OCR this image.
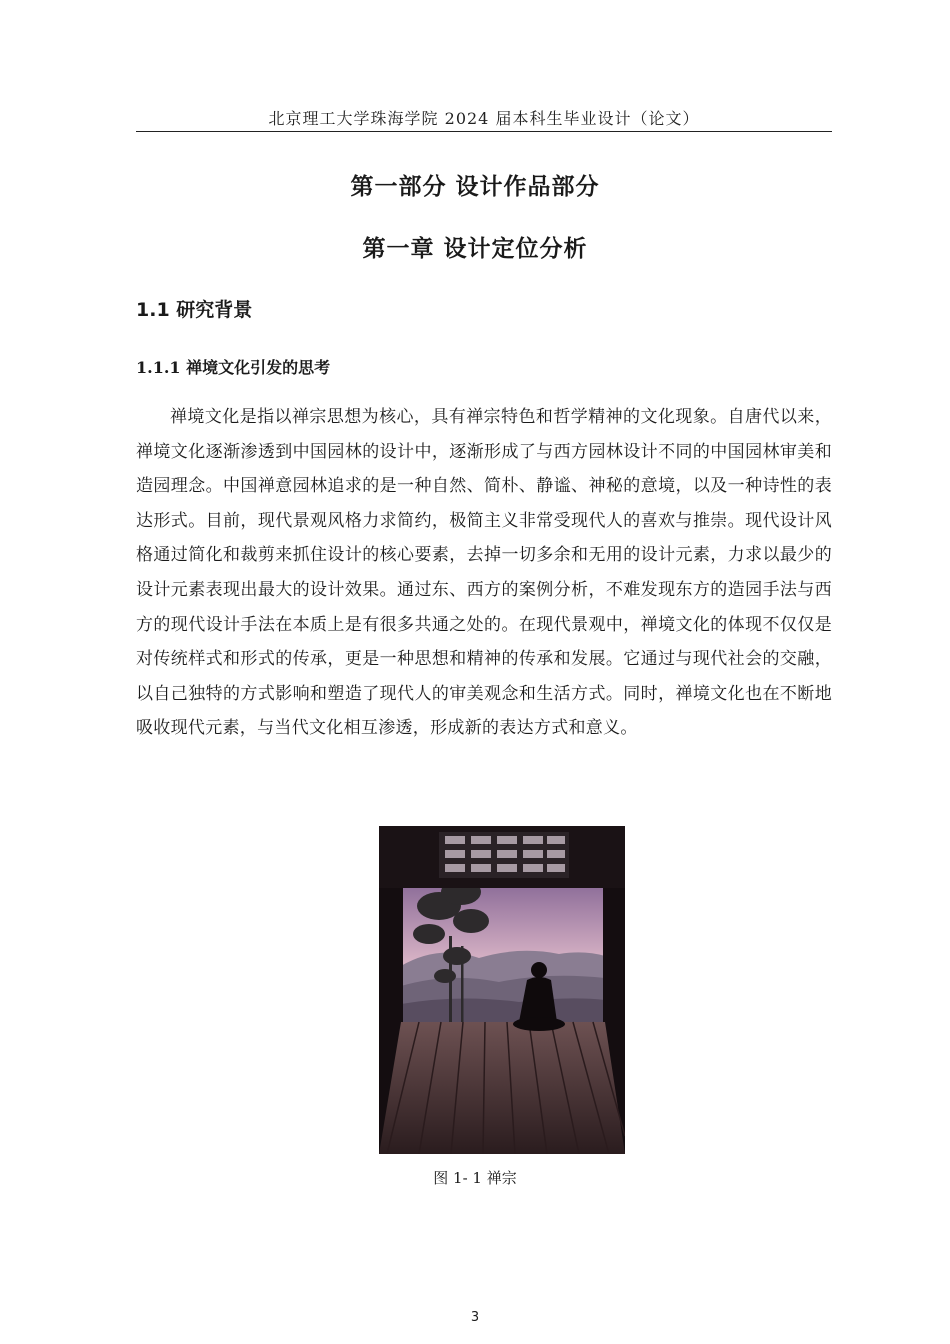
北京理工大学珠海学院 2024 届本科生毕业设计（论文）
第一部分 设计作品部分
第一章 设计定位分析
1.1 研究背景
1.1.1 禅境文化引发的思考

禅境文化是指以禅宗思想为核心，具有禅宗特色和哲学精神的文化现象。自唐代以来，禅境文化逐渐渗透到中国园林的设计中，逐渐形成了与西方园林设计不同的中国园林审美和造园理念。中国禅意园林追求的是一种自然、简朴、静谧、神秘的意境，以及一种诗性的表达形式。目前，现代景观风格力求简约，极简主义非常受现代人的喜欢与推崇。现代设计风格通过简化和裁剪来抓住设计的核心要素，去掉一切多余和无用的设计元素，力求以最少的设计元素表现出最大的设计效果。通过东、西方的案例分析，不难发现东方的造园手法与西方的现代设计手法在本质上是有很多共通之处的。在现代景观中，禅境文化的体现不仅仅是对传统样式和形式的传承，更是一种思想和精神的传承和发展。它通过与现代社会的交融，以自己独特的方式影响和塑造了现代人的审美观念和生活方式。同时，禅境文化也在不断地吸收现代元素，与当代文化相互渗透，形成新的表达方式和意义。

图 1- 1 禅宗
3
